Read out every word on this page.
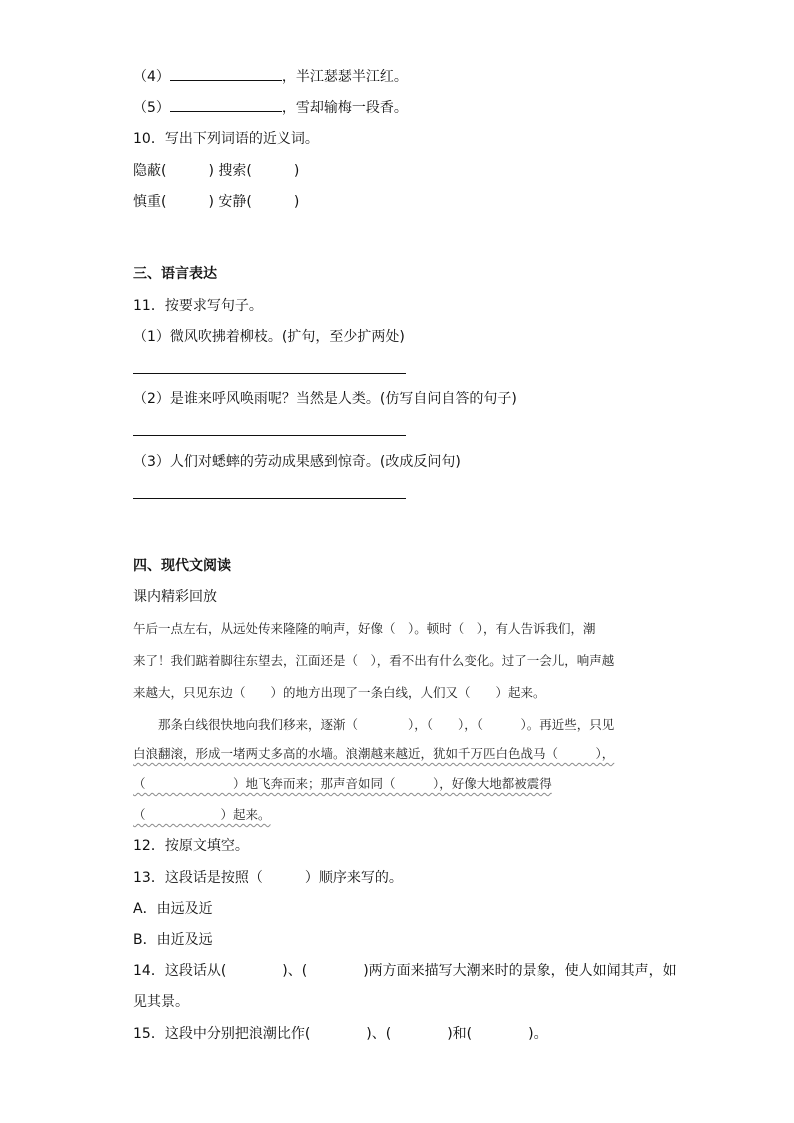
（4）	，半江瑟瑟半江红。
（5）	，雪却输梅一段香。
10．写出下列词语的近义词。
隐蔽(　　　) 搜索(　　　)
慎重(　　　) 安静(　　　)
三、语言表达
11．按要求写句子。
（1）微风吹拂着柳枝。(扩句，至少扩两处)
（2）是谁来呼风唤雨呢？当然是人类。(仿写自问自答的句子)
（3）人们对蟋蟀的劳动成果感到惊奇。(改成反问句)
四、现代文阅读
课内精彩回放
午后一点左右，从远处传来隆隆的响声，好像（　）。顿时（　），有人告诉我们，潮
来了！我们踮着脚往东望去，江面还是（　），看不出有什么变化。过了一会儿，响声越
来越大，只见东边（　　）的地方出现了一条白线，人们又（　　）起来。
　　那条白线很快地向我们移来，逐渐（　　　　），（　　），（　　　）。再近些，只见
白浪翻滚，形成一堵两丈多高的水墙。浪潮越来越近，犹如千万匹白色战马（　　　），
（　　　　　　　）地飞奔而来；那声音如同（　　　），好像大地都被震得
（　　　　　　）起来。
12．按原文填空。
13．这段话是按照（　　　）顺序来写的。
A．由远及近
B．由近及远
14．这段话从(　　　　)、(　　　　)两方面来描写大潮来时的景象，使人如闻其声，如
见其景。
15．这段中分别把浪潮比作(　　　　)、(　　　　)和(　　　　)。
